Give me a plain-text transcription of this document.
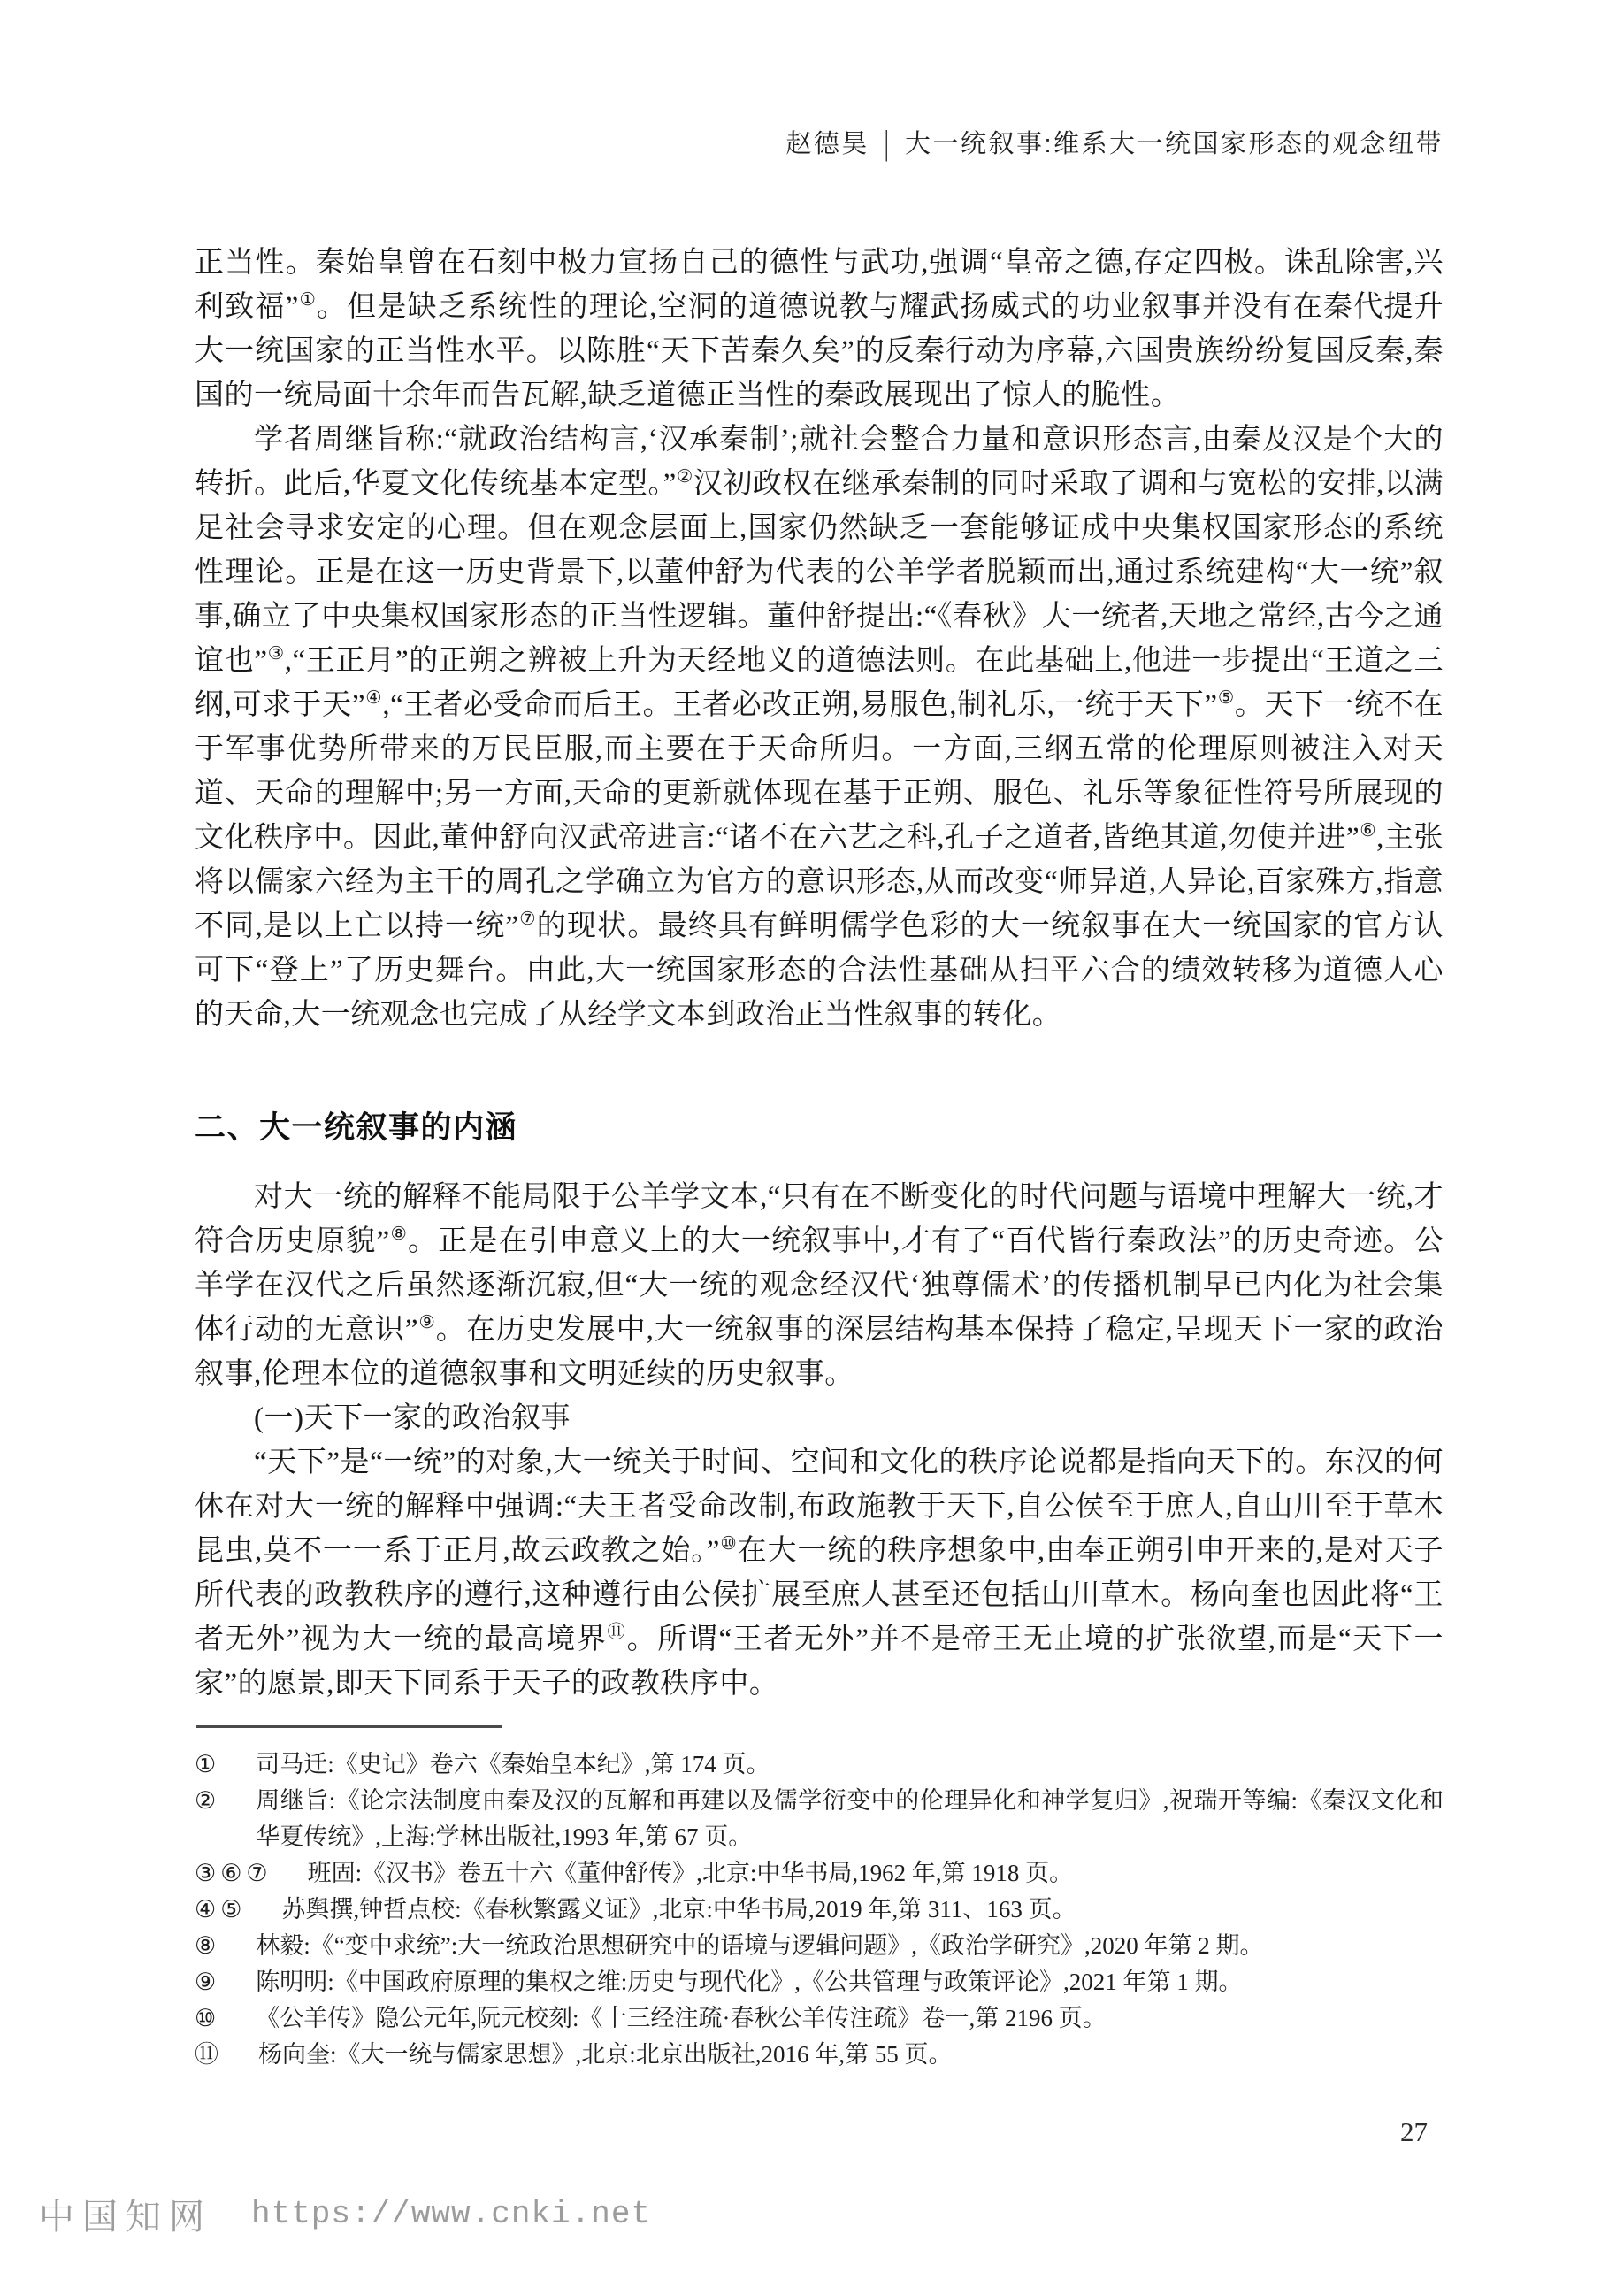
赵德昊 | 大一统叙事:维系大一统国家形态的观念纽带

正当性。秦始皇曾在石刻中极力宣扬自己的德性与武功,强调“皇帝之德,存定四极。诛乱除害,兴利致福”①。但是缺乏系统性的理论,空洞的道德说教与耀武扬威式的功业叙事并没有在秦代提升大一统国家的正当性水平。以陈胜“天下苦秦久矣”的反秦行动为序幕,六国贵族纷纷复国反秦,秦国的一统局面十余年而告瓦解,缺乏道德正当性的秦政展现出了惊人的脆性。

学者周继旨称:“就政治结构言,‘汉承秦制’;就社会整合力量和意识形态言,由秦及汉是个大的转折。此后,华夏文化传统基本定型。”②汉初政权在继承秦制的同时采取了调和与宽松的安排,以满足社会寻求安定的心理。但在观念层面上,国家仍然缺乏一套能够证成中央集权国家形态的系统性理论。正是在这一历史背景下,以董仲舒为代表的公羊学者脱颖而出,通过系统建构“大一统”叙事,确立了中央集权国家形态的正当性逻辑。董仲舒提出:“《春秋》大一统者,天地之常经,古今之通谊也”③,“王正月”的正朔之辨被上升为天经地义的道德法则。在此基础上,他进一步提出“王道之三纲,可求于天”④,“王者必受命而后王。王者必改正朔,易服色,制礼乐,一统于天下”⑤。天下一统不在于军事优势所带来的万民臣服,而主要在于天命所归。一方面,三纲五常的伦理原则被注入对天道、天命的理解中;另一方面,天命的更新就体现在基于正朔、服色、礼乐等象征性符号所展现的文化秩序中。因此,董仲舒向汉武帝进言:“诸不在六艺之科,孔子之道者,皆绝其道,勿使并进”⑥,主张将以儒家六经为主干的周孔之学确立为官方的意识形态,从而改变“师异道,人异论,百家殊方,指意不同,是以上亡以持一统”⑦的现状。最终具有鲜明儒学色彩的大一统叙事在大一统国家的官方认可下“登上”了历史舞台。由此,大一统国家形态的合法性基础从扫平六合的绩效转移为道德人心的天命,大一统观念也完成了从经学文本到政治正当性叙事的转化。

二、大一统叙事的内涵

对大一统的解释不能局限于公羊学文本,“只有在不断变化的时代问题与语境中理解大一统,才符合历史原貌”⑧。正是在引申意义上的大一统叙事中,才有了“百代皆行秦政法”的历史奇迹。公羊学在汉代之后虽然逐渐沉寂,但“大一统的观念经汉代‘独尊儒术’的传播机制早已内化为社会集体行动的无意识”⑨。在历史发展中,大一统叙事的深层结构基本保持了稳定,呈现天下一家的政治叙事,伦理本位的道德叙事和文明延续的历史叙事。

(一)天下一家的政治叙事

“天下”是“一统”的对象,大一统关于时间、空间和文化的秩序论说都是指向天下的。东汉的何休在对大一统的解释中强调:“夫王者受命改制,布政施教于天下,自公侯至于庶人,自山川至于草木昆虫,莫不一一系于正月,故云政教之始。”⑩在大一统的秩序想象中,由奉正朔引申开来的,是对天子所代表的政教秩序的遵行,这种遵行由公侯扩展至庶人甚至还包括山川草木。杨向奎也因此将“王者无外”视为大一统的最高境界⑪。所谓“王者无外”并不是帝王无止境的扩张欲望,而是“天下一家”的愿景,即天下同系于天子的政教秩序中。

① 司马迁:《史记》卷六《秦始皇本纪》,第 174 页。
② 周继旨:《论宗法制度由秦及汉的瓦解和再建以及儒学衍变中的伦理异化和神学复归》,祝瑞开等编:《秦汉文化和华夏传统》,上海:学林出版社,1993 年,第 67 页。
③⑥⑦ 班固:《汉书》卷五十六《董仲舒传》,北京:中华书局,1962 年,第 1918 页。
④⑤ 苏舆撰,钟哲点校:《春秋繁露义证》,北京:中华书局,2019 年,第 311、163 页。
⑧ 林毅:《“变中求统”:大一统政治思想研究中的语境与逻辑问题》,《政治学研究》,2020 年第 2 期。
⑨ 陈明明:《中国政府原理的集权之维:历史与现代化》,《公共管理与政策评论》,2021 年第 1 期。
⑩ 《公羊传》隐公元年,阮元校刻:《十三经注疏·春秋公羊传注疏》卷一,第 2196 页。
⑪ 杨向奎:《大一统与儒家思想》,北京:北京出版社,2016 年,第 55 页。
27
中国知网 https://www.cnki.net
